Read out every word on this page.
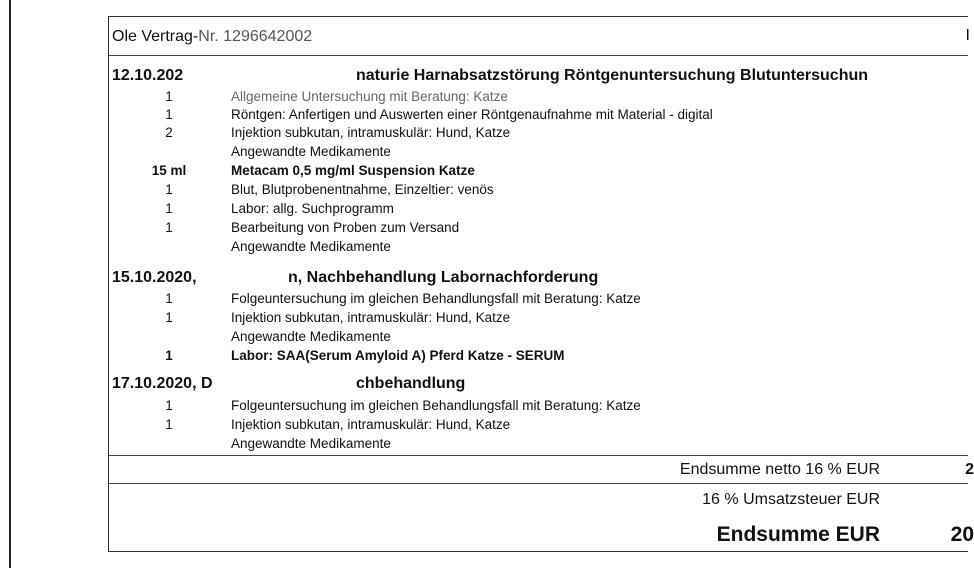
Ole Vertrag-Nr. 1296642002	I
12.10.202	naturie Harnabsatzstörung Röntgenuntersuchung Blutuntersuchun
1	Allgemeine Untersuchung mit Beratung: Katze
1	Röntgen: Anfertigen und Auswerten einer Röntgenaufnahme mit Material - digital
2	Injektion subkutan, intramuskulär: Hund, Katze
Angewandte Medikamente
15 ml	Metacam 0,5 mg/ml Suspension Katze
1	Blut, Blutprobenentnahme, Einzeltier: venös
1	Labor: allg. Suchprogramm
1	Bearbeitung von Proben zum Versand
Angewandte Medikamente
15.10.2020,	n, Nachbehandlung Labornachforderung
1	Folgeuntersuchung im gleichen Behandlungsfall mit Beratung: Katze
1	Injektion subkutan, intramuskulär: Hund, Katze
Angewandte Medikamente
1	Labor: SAA(Serum Amyloid A) Pferd Katze - SERUM
17.10.2020, D	chbehandlung
1	Folgeuntersuchung im gleichen Behandlungsfall mit Beratung: Katze
1	Injektion subkutan, intramuskulär: Hund, Katze
Angewandte Medikamente
Endsumme netto 16 % EUR	2
16 % Umsatzsteuer EUR
Endsumme EUR	20
